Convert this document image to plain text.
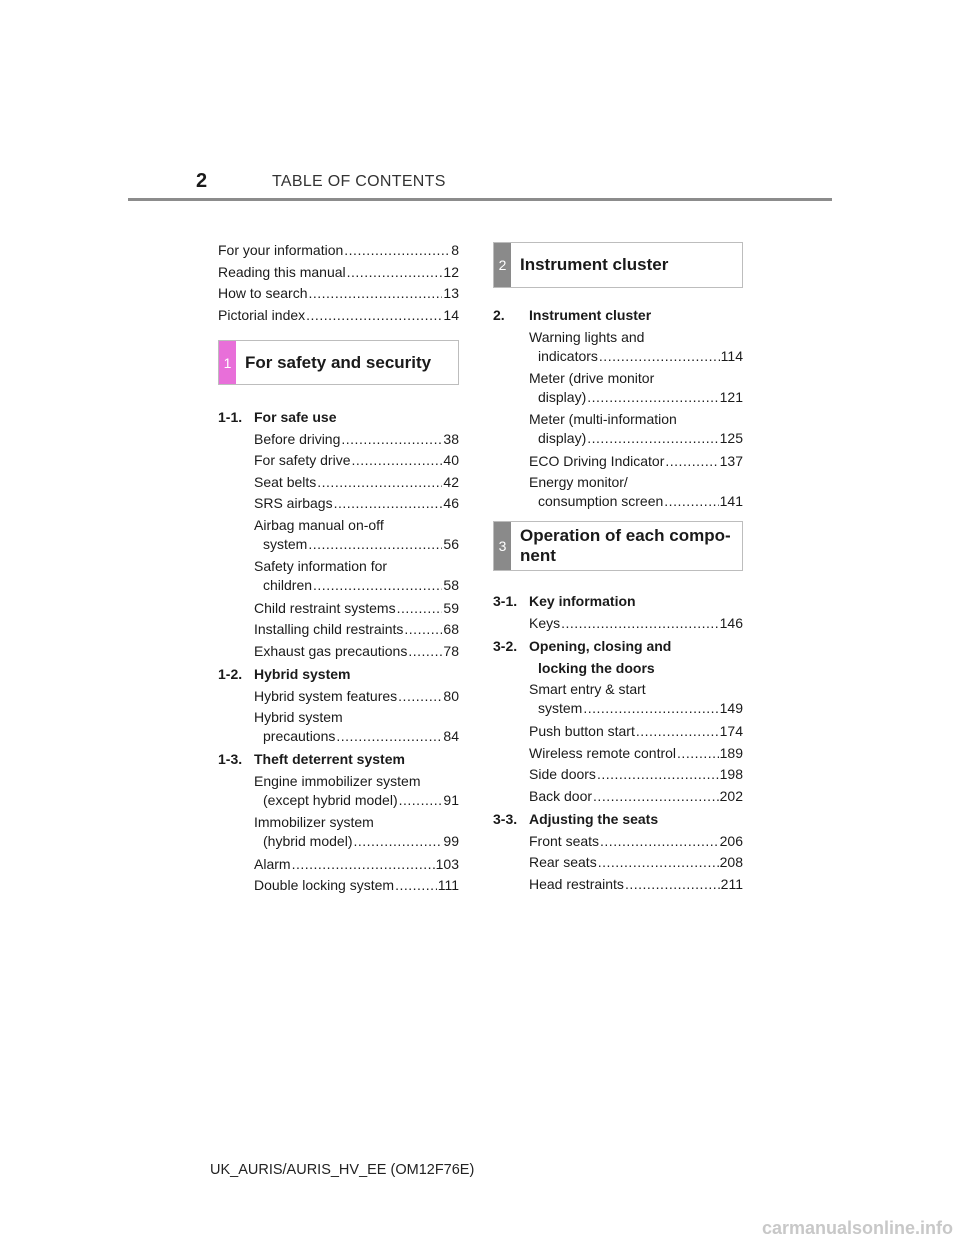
2	TABLE OF CONTENTS
For your information .....	8
Reading this manual .....	12
How to search .....	13
Pictorial index .....	14
1 For safety and security
1-1. For safe use
Before driving .....	38
For safety drive .....	40
Seat belts .....	42
SRS airbags .....	46
Airbag manual on-off
system .....	56
Safety information for
children .....	58
Child restraint systems .....	59
Installing child restraints .....	68
Exhaust gas precautions .....	78
1-2. Hybrid system
Hybrid system features .....	80
Hybrid system
precautions .....	84
1-3. Theft deterrent system
Engine immobilizer system
(except hybrid model) .....	91
Immobilizer system
(hybrid model) .....	99
Alarm .....	103
Double locking system .....	111
2 Instrument cluster
2.	Instrument cluster
Warning lights and
indicators .....	114
Meter (drive monitor
display) .....	121
Meter (multi-information
display) .....	125
ECO Driving Indicator .....	137
Energy monitor/
consumption screen .....	141
3
Operation of each compo-
nent
3-1. Key information
Keys .....	146
3-2. Opening, closing and
locking the doors
Smart entry & start
system .....	149
Push button start .....	174
Wireless remote control .....	189
Side doors .....	198
Back door .....	202
3-3. Adjusting the seats
Front seats .....	206
Rear seats .....	208
Head restraints .....	211
UK_AURIS/AURIS_HV_EE (OM12F76E)
carmanualsonline.info
